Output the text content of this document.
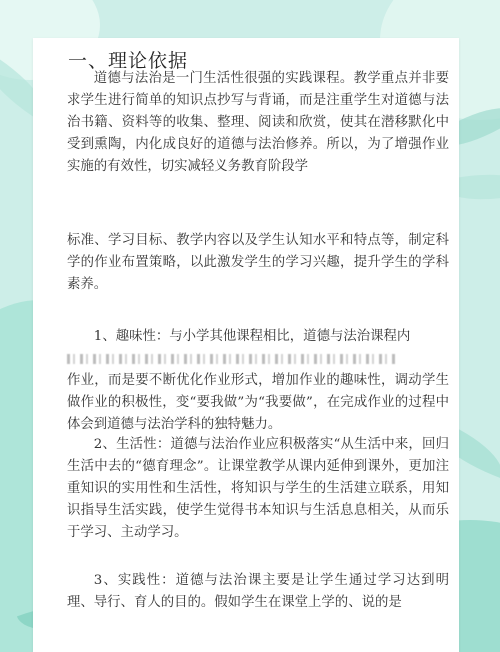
一、理论依据

道德与法治是一门生活性很强的实践课程。教学重点并非要求学生进行简单的知识点抄写与背诵，而是注重学生对道德与法治书籍、资料等的收集、整理、阅读和欣赏，使其在潜移默化中受到熏陶，内化成良好的道德与法治修养。所以，为了增强作业实施的有效性，切实减轻义务教育阶段学

标准、学习目标、教学内容以及学生认知水平和特点等，制定科学的作业布置策略，以此激发学生的学习兴趣，提升学生的学科素养。

1、趣味性：与小学其他课程相比，道德与法治课程内

作业，而是要不断优化作业形式，增加作业的趣味性，调动学生做作业的积极性，变“要我做”为“我要做”，在完成作业的过程中体会到道德与法治学科的独特魅力。

2、生活性：道德与法治作业应积极落实“从生活中来，回归生活中去的“德育理念”。让课堂教学从课内延伸到课外，更加注重知识的实用性和生活性，将知识与学生的生活建立联系，用知识指导生活实践，使学生觉得书本知识与生活息息相关，从而乐于学习、主动学习。

3、实践性：道德与法治课主要是让学生通过学习达到明理、导行、育人的目的。假如学生在课堂上学的、说的是
